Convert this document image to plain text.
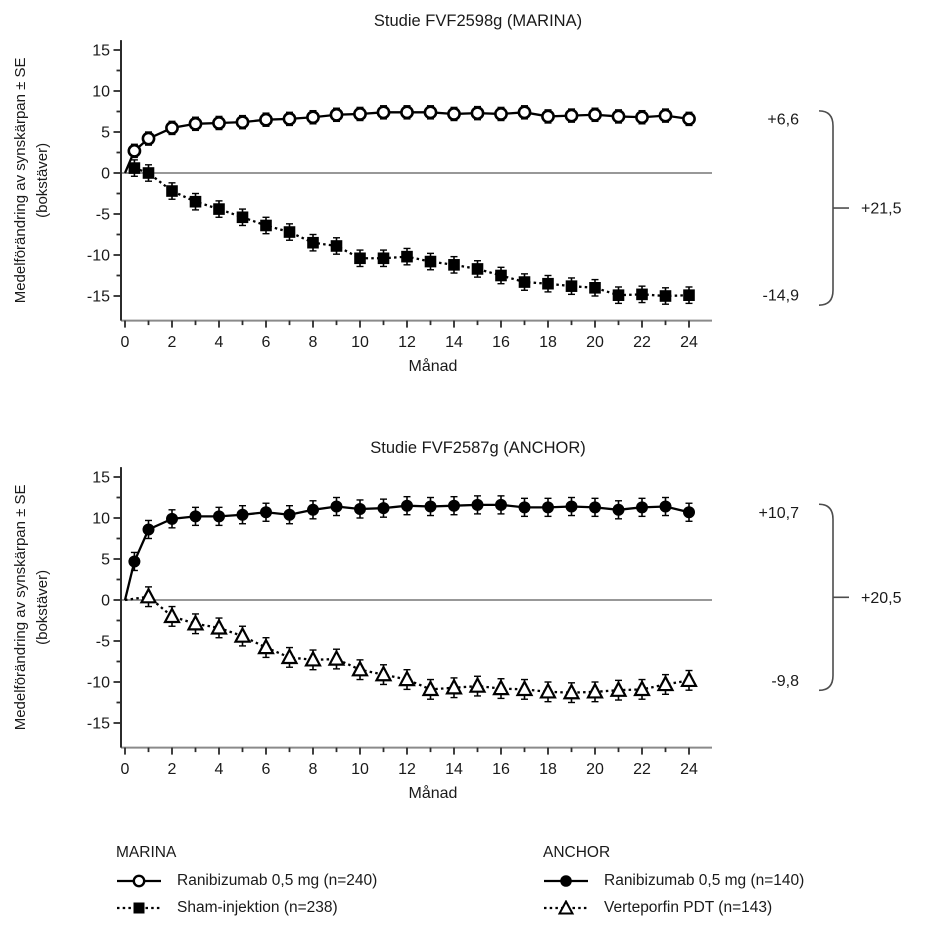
0 2 4 6 8 10 12 14 16 18 20 22 24
-15
-10
-5
0
5
10
15
Studie FVF2598g (MARINA)
Månad
Medelförändring av synskärpan ± SE (bokstäver)
+6,6
-14,9
+21,5
0 2 4 6 8 10 12 14 16 18 20 22 24
-15
-10
-5
0
5
10
15
Studie FVF2587g (ANCHOR)
Månad
Medelförändring av synskärpan ± SE (bokstäver)
+10,7
-9,8
+20,5
MARINA
Ranibizumab 0,5 mg (n=240)
Sham-injektion (n=238)
ANCHOR
Ranibizumab 0,5 mg (n=140)
Verteporfin PDT (n=143)
